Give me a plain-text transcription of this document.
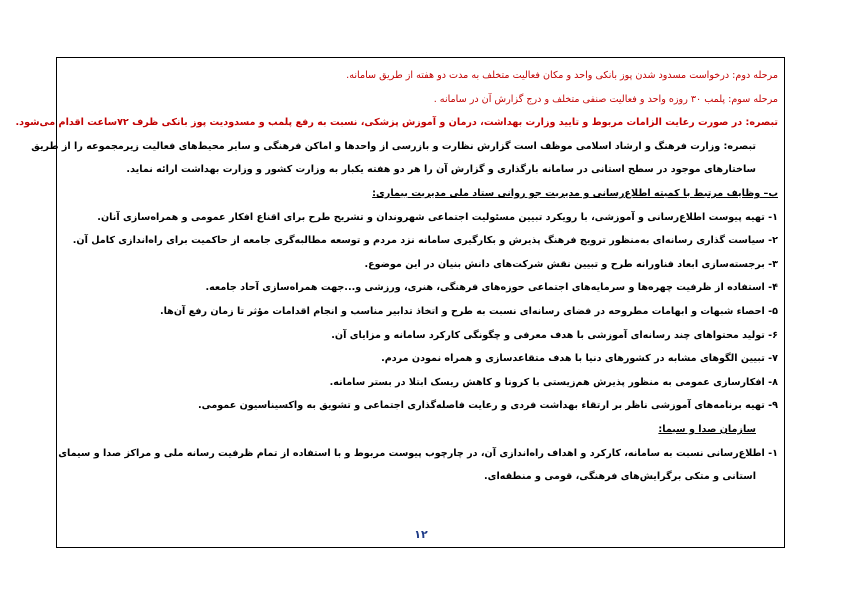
مرحله دوم: درخواست مسدود شدن پوز بانکی واحد و مکان فعالیت متخلف به مدت دو هفته از طریق سامانه.
مرحله سوم: پلمب ۳۰ روزه واحد و فعالیت صنفی متخلف و درج گزارش آن در سامانه .
تبصره: در صورت رعایت الزامات مربوط و تایید وزارت بهداشت، درمان و آموزش پزشکی، نسبت به رفع پلمب و مسدودیت پوز بانکی ظرف ۷۲ساعت اقدام می‌شود.
تبصره: وزارت فرهنگ و ارشاد اسلامی موظف است گزارش نظارت و بازرسی از واحدها و اماکن فرهنگی و سایر محیط‌های فعالیت زیرمجموعه را از طریق
ساختارهای موجود در سطح استانی در سامانه بارگذاری و گزارش آن را هر دو هفته یکبار به وزارت کشور و وزارت بهداشت ارائه نماید.
ب– وظایف مرتبط با کمیته اطلاع‌رسانی و مدیریت جو روانی ستاد ملی مدیریت بیماری:
۱- تهیه پیوست اطلاع‌رسانی و آموزشی، با رویکرد تبیین مسئولیت اجتماعی شهروندان و تشریح طرح برای اقناع افکار عمومی و همراه‌سازی آنان.
۲- سیاست گذاری رسانه‌ای به‌منظور ترویج فرهنگ پذیرش و بکارگیری سامانه نزد مردم و توسعه مطالبه‌گری جامعه از حاکمیت برای راه‌اندازی کامل آن.
۳- برجسته‌سازی ابعاد فناورانه طرح و تبیین نقش شرکت‌های دانش بنیان در این موضوع.
۴- استفاده از ظرفیت چهره‌ها و سرمایه‌های اجتماعی حوزه‌های فرهنگی، هنری، ورزشی و...جهت همراه‌سازی آحاد جامعه.
۵- احصاء شبهات و ابهامات مطروحه در فضای رسانه‌ای نسبت به طرح و اتخاذ تدابیر مناسب و انجام اقدامات مؤثر تا زمان رفع آن‌ها.
۶- تولید محتواهای چند رسانه‌ای آموزشی با هدف معرفی و چگونگی کارکرد سامانه و مزایای آن.
۷- تبیین الگوهای مشابه در کشورهای دنیا با هدف متقاعدسازی و همراه نمودن مردم.
۸- افکارسازی عمومی به منظور پذیرش هم‌زیستی با کرونا و کاهش ریسک ابتلا در بستر سامانه.
۹- تهیه برنامه‌های آموزشی ناظر بر ارتقاء بهداشت فردی و رعایت فاصله‌گذاری اجتماعی و تشویق به واکسیناسیون عمومی.
سازمان صدا و سیما:
۱- اطلاع‌رسانی نسبت به سامانه، کارکرد و اهداف راه‌اندازی آن، در چارچوب پیوست مربوط و با استفاده از تمام ظرفیت رسانه ملی و مراکز صدا و سیمای
استانی و متکی برگرایش‌های فرهنگی، قومی و منطقه‌ای.
۱۲
